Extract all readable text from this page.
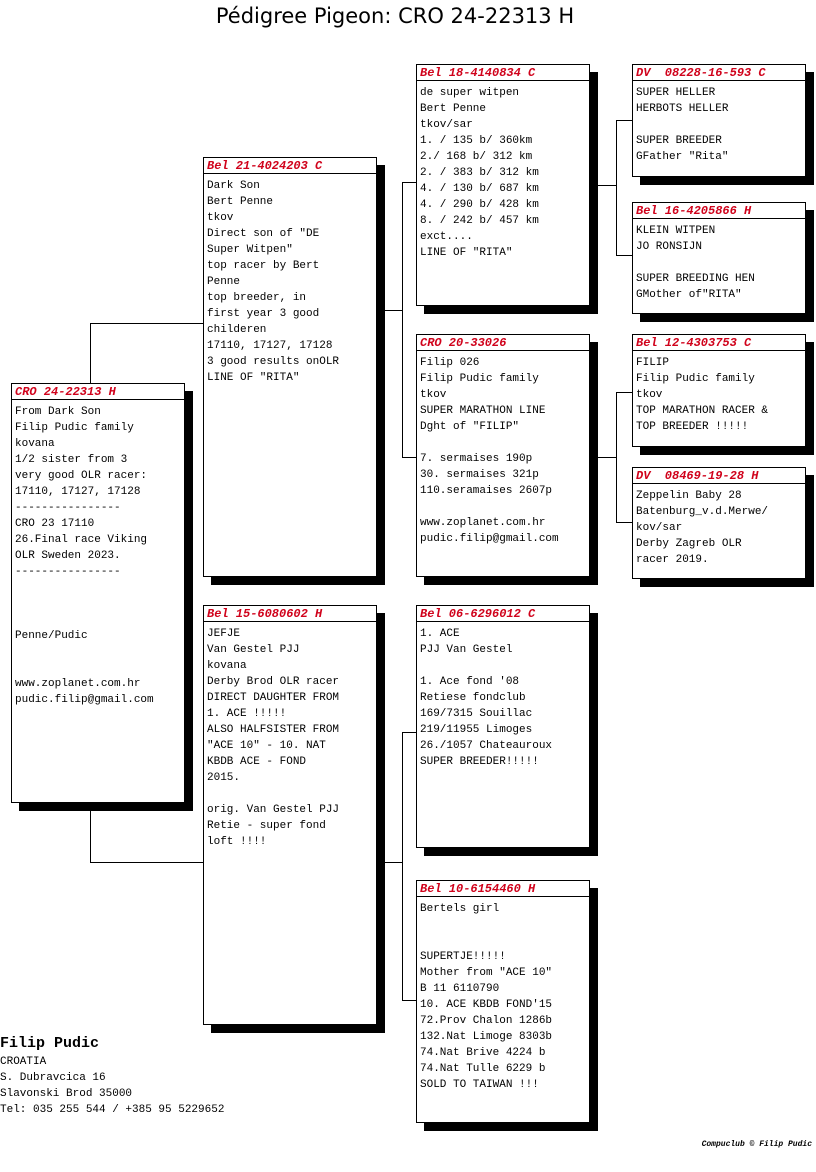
Pédigree Pigeon: CRO 24-22313 H
CRO 24-22313 H
From Dark Son
Filip Pudic family
kovana
1/2 sister from 3
very good OLR racer:
17110, 17127, 17128
----------------
CRO 23 17110
26.Final race Viking
OLR Sweden 2023.
----------------

Penne/Pudic

www.zoplanet.com.hr
pudic.filip@gmail.com
Bel 21-4024203 C
Dark Son
Bert Penne
tkov
Direct son of "DE
Super Witpen"
top racer by Bert
Penne
top breeder, in
first year 3 good
childeren
17110, 17127, 17128
3 good results onOLR
LINE OF "RITA"
Bel 15-6080602 H
JEFJE
Van Gestel PJJ
kovana
Derby Brod OLR racer
DIRECT DAUGHTER FROM
1. ACE !!!!!
ALSO HALFSISTER FROM
"ACE 10" - 10. NAT
KBDB ACE - FOND
2015.

orig. Van Gestel PJJ
Retie - super fond
loft !!!!
Bel 18-4140834 C
de super witpen
Bert Penne
tkov/sar
1. / 135 b/ 360km
2./ 168 b/ 312 km
2. / 383 b/ 312 km
4. / 130 b/ 687 km
4. / 290 b/ 428 km
8. / 242 b/ 457 km
exct....
LINE OF "RITA"
CRO 20-33026
Filip 026
Filip Pudic family
tkov
SUPER MARATHON LINE
Dght of "FILIP"

7. sermaises 190p
30. sermaises 321p
110.seramaises 2607p

www.zoplanet.com.hr
pudic.filip@gmail.com
Bel 06-6296012 C
1. ACE
PJJ Van Gestel

1. Ace fond '08
Retiese fondclub
169/7315 Souillac
219/11955 Limoges
26./1057 Chateauroux
SUPER BREEDER!!!!!
Bel 10-6154460 H
Bertels girl

SUPERTJE!!!!!
Mother from "ACE 10"
B 11 6110790
10. ACE KBDB FOND'15
72.Prov Chalon 1286b
132.Nat Limoge 8303b
74.Nat Brive 4224 b
74.Nat Tulle 6229 b
SOLD TO TAIWAN !!!
DV  08228-16-593 C
SUPER HELLER
HERBOTS HELLER

SUPER BREEDER
GFather "Rita"
Bel 16-4205866 H
KLEIN WITPEN
JO RONSIJN

SUPER BREEDING HEN
GMother of"RITA"
Bel 12-4303753 C
FILIP
Filip Pudic family
tkov
TOP MARATHON RACER &
TOP BREEDER !!!!!
DV  08469-19-28 H
Zeppelin Baby 28
Batenburg_v.d.Merwe/
kov/sar
Derby Zagreb OLR
racer 2019.
Filip Pudic
CROATIA
S. Dubravcica 16
Slavonski Brod 35000
Tel: 035 255 544 / +385 95 5229652
Compuclub © Filip Pudic
